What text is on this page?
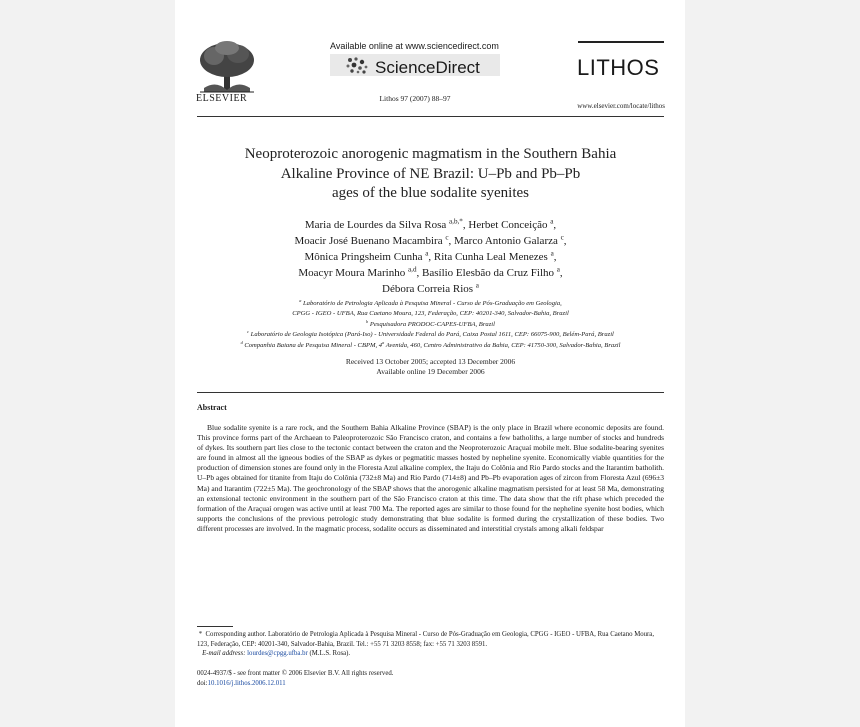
ELSEVIER
Available online at www.sciencedirect.com
ScienceDirect
Lithos 97 (2007) 88–97
LITHOS
www.elsevier.com/locate/lithos
Neoproterozoic anorogenic magmatism in the Southern Bahia
Alkaline Province of NE Brazil: U–Pb and Pb–Pb
ages of the blue sodalite syenites
Maria de Lourdes da Silva Rosa $^{a,b,*}$, Herbet Conceição $^a$,
Moacir José Buenano Macambira $^c$, Marco Antonio Galarza $^c$,
Mônica Pringsheim Cunha $^a$, Rita Cunha Leal Menezes $^a$,
Moacyr Moura Marinho $^{a,d}$, Basílio Elesbão da Cruz Filho $^a$,
Débora Correia Rios $^a$
$^a$ Laboratório de Petrologia Aplicada à Pesquisa Mineral - Curso de Pós-Graduação em Geologia,
CPGG - IGEO - UFBA, Rua Caetano Moura, 123, Federação, CEP: 40201-340, Salvador-Bahia, Brazil
$^b$ Pesquisadora PRODOC-CAPES-UFBA, Brazil
$^c$ Laboratório de Geologia Isotópica (Pará-Iso) - Universidade Federal do Pará, Caixa Postal 1611, CEP: 66075-900, Belém-Pará, Brazil
$^d$ Companhia Baiana de Pesquisa Mineral - CBPM, 4$^a$ Avenida, 460, Centro Administrativo da Bahia, CEP: 41750-300, Salvador-Bahia, Brazil
Received 13 October 2005; accepted 13 December 2006
Available online 19 December 2006
Abstract
Blue sodalite syenite is a rare rock, and the Southern Bahia Alkaline Province (SBAP) is the only place in Brazil where economic deposits are found. This province forms part of the Archaean to Paleoproterozoic São Francisco craton, and contains a few batholiths, a large number of stocks and hundreds of dykes. Its southern part lies close to the tectonic contact between the craton and the Neoproterozoic Araçuaí mobile melt. Blue sodalite-bearing syenites are found in almost all the igneous bodies of the SBAP as dykes or pegmatitic masses hosted by nepheline syenite. Economically viable quantities for the production of dimension stones are found only in the Floresta Azul alkaline complex, the Itaju do Colônia and Rio Pardo stocks and the Itarantim batholith. U–Pb ages obtained for titanite from Itaju do Colônia (732±8 Ma) and Rio Pardo (714±8) and Pb–Pb evaporation ages of zircon from Floresta Azul (696±3 Ma) and Itarantim (722±5 Ma). The geochronology of the SBAP shows that the anorogenic alkaline magmatism persisted for at least 58 Ma, demonstrating an extensional tectonic environment in the southern part of the São Francisco craton at this time. The data show that the rift phase which preceded the formation of the Araçuaí orogen was active until at least 700 Ma. The reported ages are similar to those found for the nepheline syenite host bodies, which supports the conclusions of the previous petrologic study demonstrating that blue sodalite is formed during the crystallization of these bodies. Two different processes are involved. In the magmatic process, sodalite occurs as disseminated and interstitial crystals among alkali feldspar
* Corresponding author. Laboratório de Petrologia Aplicada à Pesquisa Mineral - Curso de Pós-Graduação em Geologia, CPGG - IGEO - UFBA, Rua Caetano Moura, 123, Federação, CEP: 40201-340, Salvador-Bahia, Brazil. Tel.: +55 71 3203 8558; fax: +55 71 3203 8591.
E-mail address: lourdes@cpgg.ufba.br (M.L.S. Rosa).
0024-4937/$ - see front matter © 2006 Elsevier B.V. All rights reserved.
doi:10.1016/j.lithos.2006.12.011
